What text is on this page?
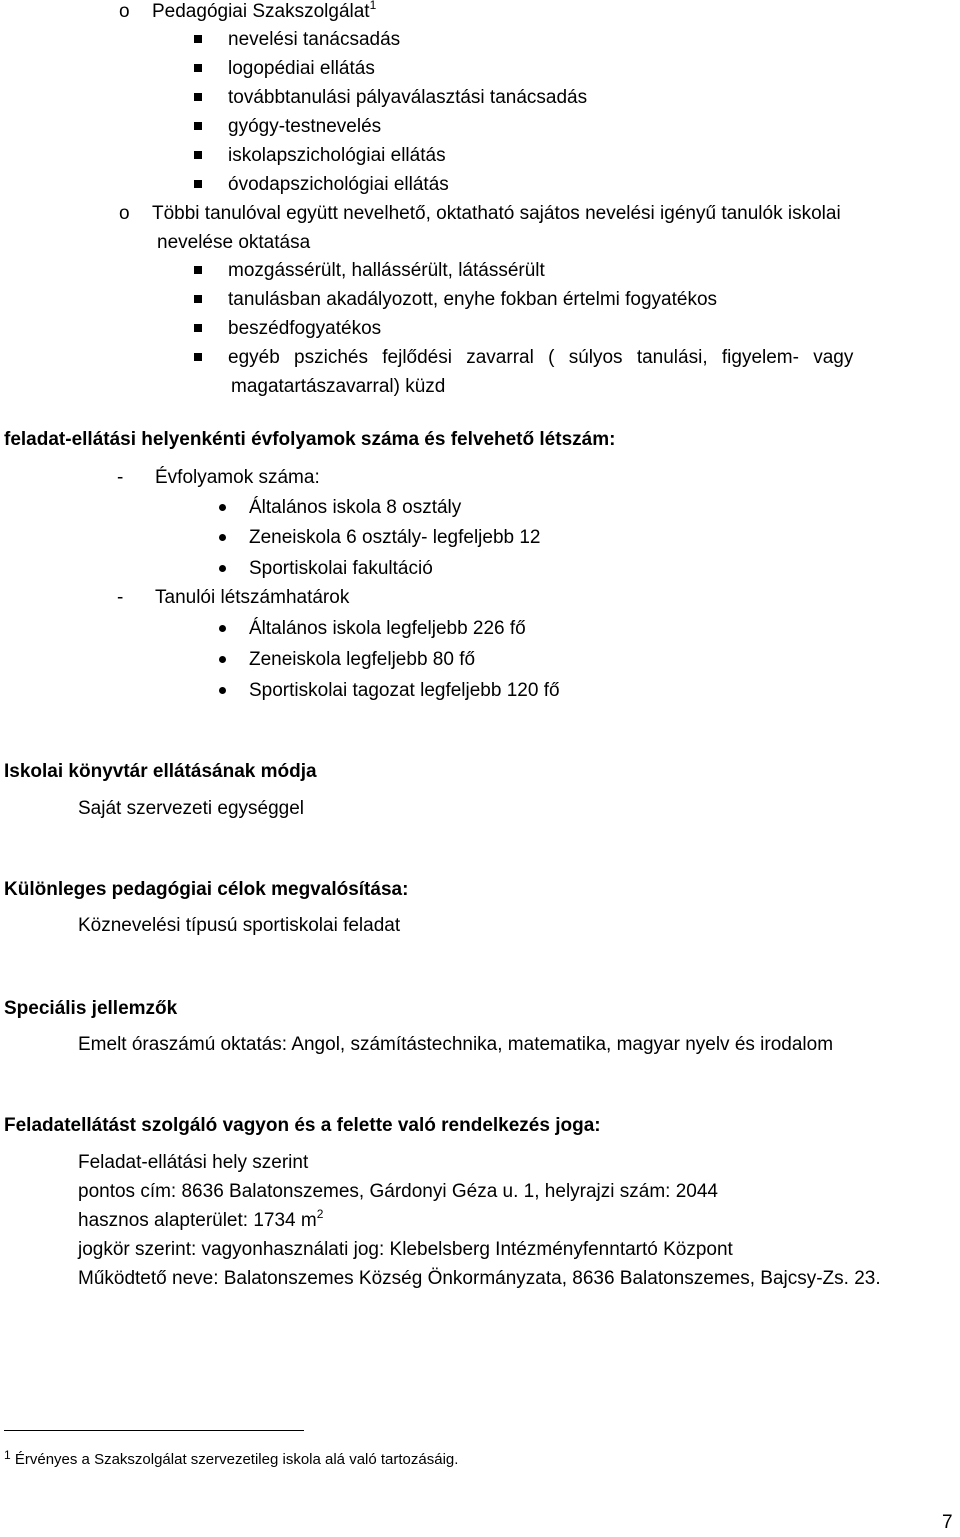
o Pedagógiai Szakszolgálat$^1$
nevelési tanácsadás
logopédiai ellátás
továbbtanulási pályaválasztási tanácsadás
gyógy-testnevelés
iskolapszichológiai ellátás
óvodapszichológiai ellátás
o Többi tanulóval együtt nevelhető, oktatható sajátos nevelési igényű tanulók iskolai
nevelése oktatása
mozgássérült, hallássérült, látássérült
tanulásban akadályozott, enyhe fokban értelmi fogyatékos
beszédfogyatékos
egyéb pszichés fejlődési zavarral ( súlyos tanulási, figyelem- vagy
magatartászavarral) küzd
feladat-ellátási helyenkénti évfolyamok száma és felvehető létszám:
- Évfolyamok száma:
Általános iskola 8 osztály
Zeneiskola 6 osztály- legfeljebb 12
Sportiskolai fakultáció
- Tanulói létszámhatárok
Általános iskola legfeljebb 226 fő
Zeneiskola legfeljebb 80 fő
Sportiskolai tagozat legfeljebb 120 fő
Iskolai könyvtár ellátásának módja
Saját szervezeti egységgel
Különleges pedagógiai célok megvalósítása:
Köznevelési típusú sportiskolai feladat
Speciális jellemzők
Emelt óraszámú oktatás: Angol, számítástechnika, matematika, magyar nyelv és irodalom
Feladatellátást szolgáló vagyon és a felette való rendelkezés joga:
Feladat-ellátási hely szerint
pontos cím: 8636 Balatonszemes, Gárdonyi Géza u. 1, helyrajzi szám: 2044
hasznos alapterület: 1734 $m^2$
jogkör szerint: vagyonhasználati jog: Klebelsberg Intézményfenntartó Központ
Működtető neve: Balatonszemes Község Önkormányzata, 8636 Balatonszemes, Bajcsy-Zs. 23.
$^1$ Érvényes a Szakszolgálat szervezetileg iskola alá való tartozásáig.
7
